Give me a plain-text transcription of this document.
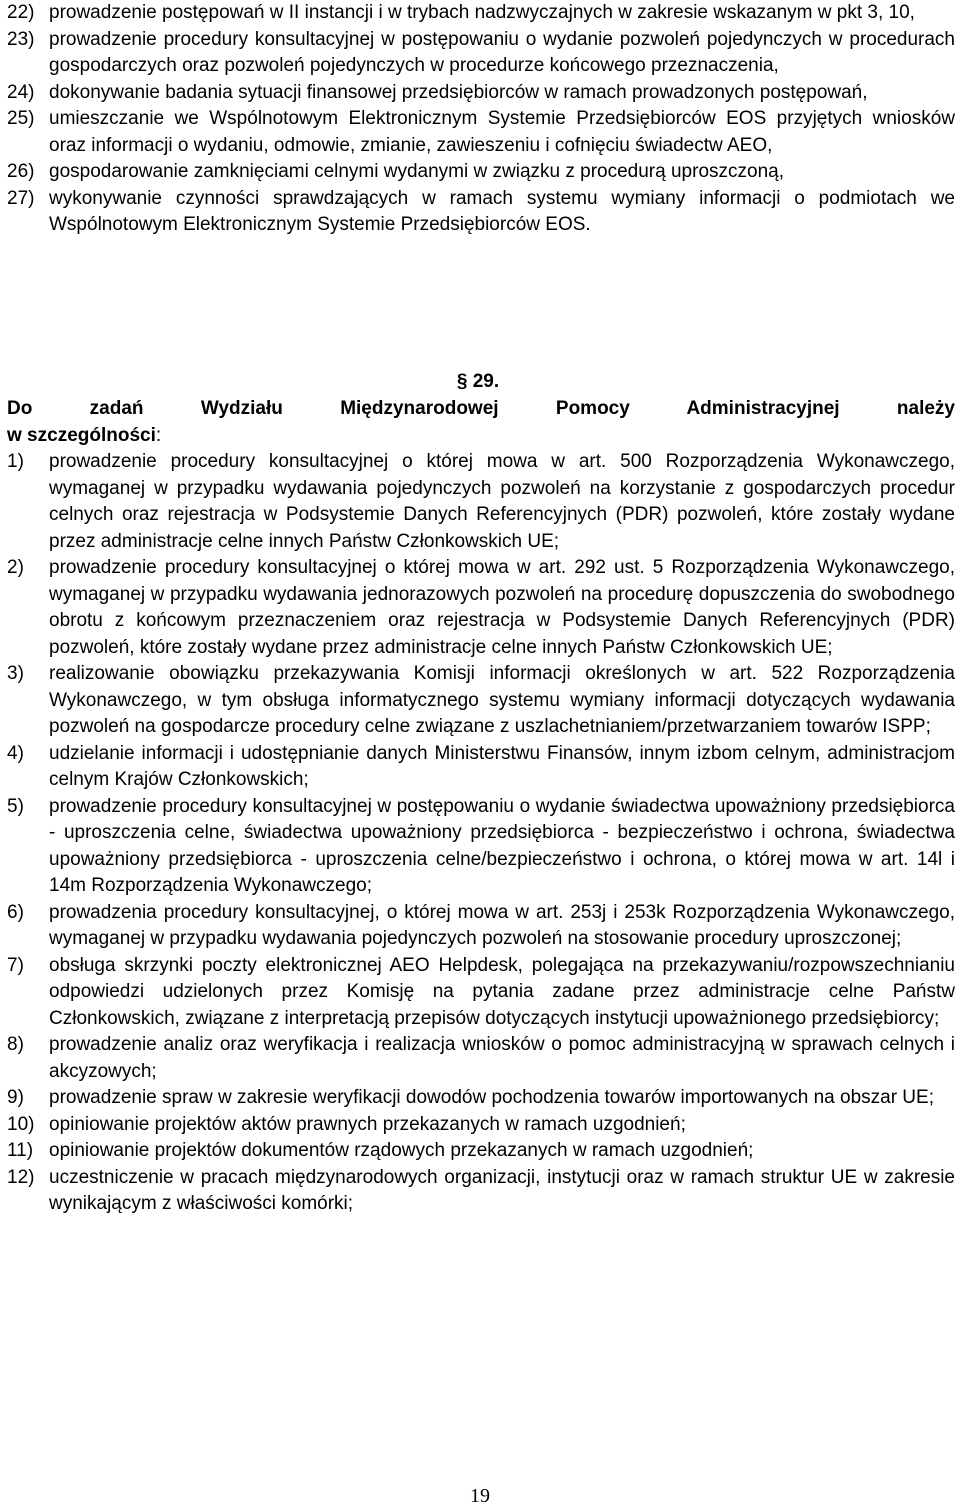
22) prowadzenie postępowań w II instancji i w trybach nadzwyczajnych w zakresie wskazanym w pkt 3, 10,
23) prowadzenie procedury konsultacyjnej w postępowaniu o wydanie pozwoleń pojedynczych w procedurach gospodarczych oraz pozwoleń pojedynczych w procedurze końcowego przeznaczenia,
24) dokonywanie badania sytuacji finansowej przedsiębiorców w ramach prowadzonych postępowań,
25) umieszczanie we Wspólnotowym Elektronicznym Systemie Przedsiębiorców EOS przyjętych wniosków oraz informacji o wydaniu, odmowie, zmianie, zawieszeniu i cofnięciu świadectw AEO,
26) gospodarowanie zamknięciami celnymi wydanymi w związku z procedurą uproszczoną,
27) wykonywanie czynności sprawdzających w ramach systemu wymiany informacji o podmiotach we Wspólnotowym Elektronicznym Systemie Przedsiębiorców EOS.
§ 29.
Do zadań Wydziału Międzynarodowej Pomocy Administracyjnej należy
w szczególności:
1)	prowadzenie procedury konsultacyjnej o której mowa w art. 500 Rozporządzenia Wykonawczego, wymaganej w przypadku wydawania pojedynczych pozwoleń na korzystanie z gospodarczych procedur celnych oraz rejestracja w Podsystemie Danych Referencyjnych (PDR) pozwoleń, które zostały wydane przez administracje celne innych Państw Członkowskich UE;
2)	prowadzenie procedury konsultacyjnej o której mowa w art. 292 ust. 5 Rozporządzenia Wykonawczego, wymaganej w przypadku wydawania jednorazowych pozwoleń na procedurę dopuszczenia do swobodnego obrotu z końcowym przeznaczeniem oraz rejestracja w Podsystemie Danych Referencyjnych (PDR) pozwoleń, które zostały wydane przez administracje celne innych Państw Członkowskich UE;
3)	realizowanie obowiązku przekazywania Komisji informacji określonych w art. 522 Rozporządzenia Wykonawczego, w tym obsługa informatycznego systemu wymiany informacji dotyczących wydawania pozwoleń na gospodarcze procedury celne związane z uszlachetnianiem/przetwarzaniem towarów ISPP;
4)	udzielanie informacji i udostępnianie danych Ministerstwu Finansów, innym izbom celnym, administracjom celnym Krajów Członkowskich;
5)	prowadzenie procedury konsultacyjnej w postępowaniu o wydanie świadectwa upoważniony przedsiębiorca - uproszczenia celne, świadectwa upoważniony przedsiębiorca - bezpieczeństwo i ochrona, świadectwa upoważniony przedsiębiorca - uproszczenia celne/bezpieczeństwo i ochrona, o której mowa w art. 14l i 14m Rozporządzenia Wykonawczego;
6)	prowadzenia procedury konsultacyjnej, o której mowa w art. 253j i 253k Rozporządzenia Wykonawczego, wymaganej w przypadku wydawania pojedynczych pozwoleń na stosowanie procedury uproszczonej;
7)	obsługa skrzynki poczty elektronicznej AEO Helpdesk, polegająca na przekazywaniu/rozpowszechnianiu odpowiedzi udzielonych przez Komisję na pytania zadane przez administracje celne Państw Członkowskich, związane z interpretacją przepisów dotyczących instytucji upoważnionego przedsiębiorcy;
8)	prowadzenie analiz oraz weryfikacja i realizacja wniosków o pomoc administracyjną w sprawach celnych i akcyzowych;
9)	prowadzenie spraw w zakresie weryfikacji dowodów pochodzenia towarów importowanych na obszar UE;
10) opiniowanie projektów aktów prawnych przekazanych w ramach uzgodnień;
11) opiniowanie projektów dokumentów rządowych przekazanych w ramach uzgodnień;
12) uczestniczenie w pracach międzynarodowych organizacji, instytucji oraz w ramach struktur UE w zakresie wynikającym z właściwości komórki;
19
